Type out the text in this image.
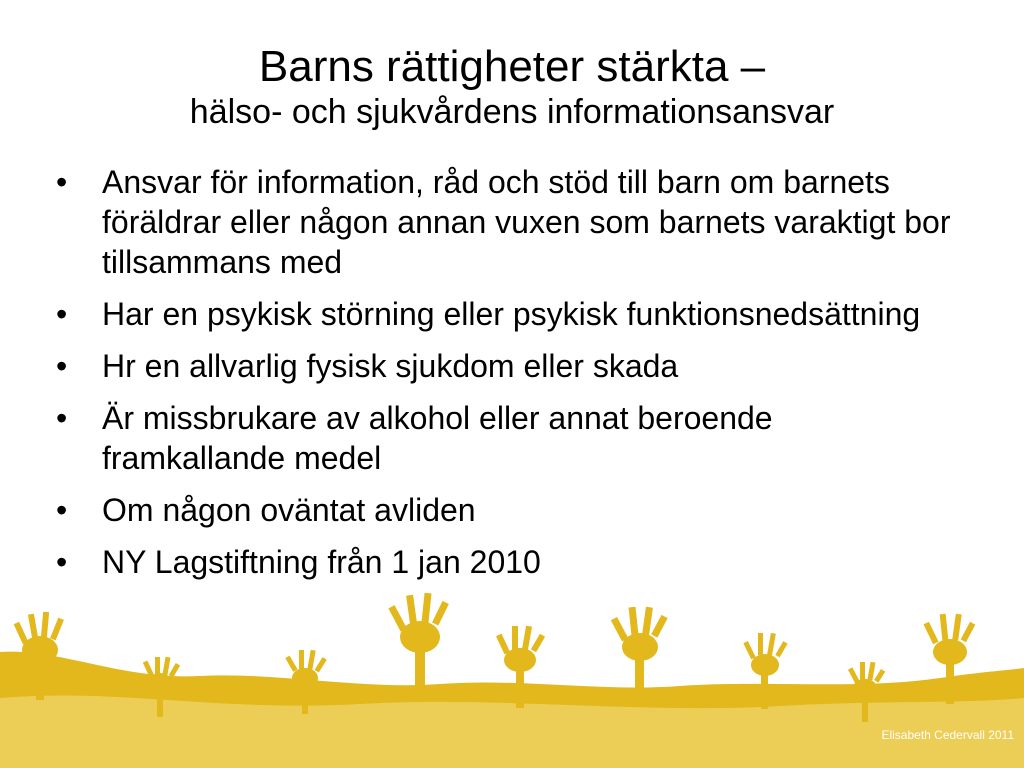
Barns rättigheter stärkta –
hälso- och sjukvårdens informationsansvar
•	Ansvar för information, råd och stöd till barn om barnets föräldrar eller någon annan vuxen som barnets varaktigt bor tillsammans med
•	Har en psykisk störning eller psykisk funktionsnedsättning
•	Hr en allvarlig fysisk sjukdom eller skada
•	Är missbrukare av alkohol eller annat beroende framkallande medel
•	Om någon oväntat avliden
•	NY Lagstiftning från 1 jan 2010
Elisabeth Cedervall 2011
